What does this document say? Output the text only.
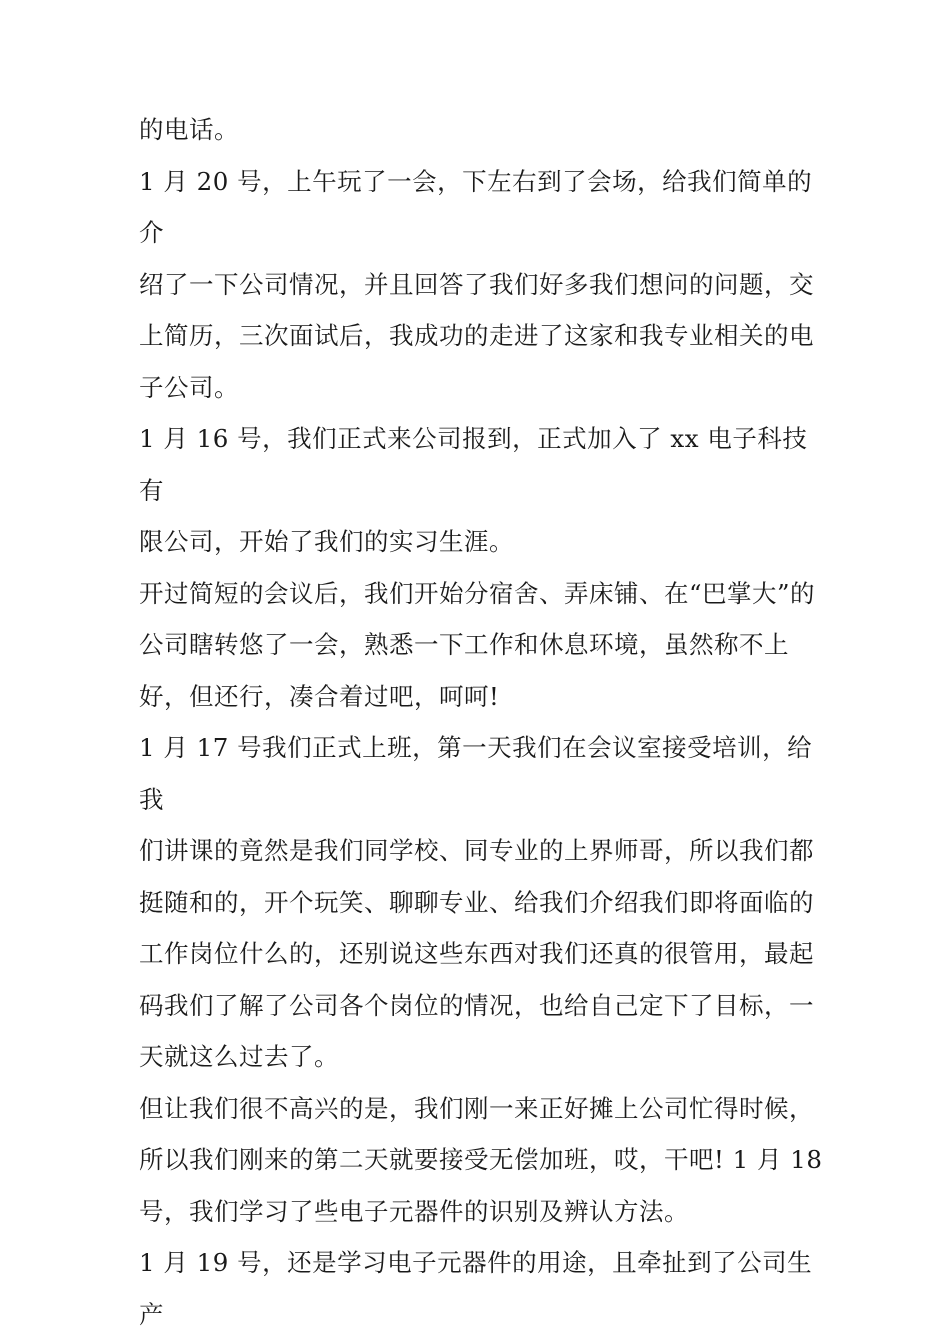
的电话。

1 月 20 号，上午玩了一会，下左右到了会场，给我们简单的介
绍了一下公司情况，并且回答了我们好多我们想问的问题，交
上简历，三次面试后，我成功的走进了这家和我专业相关的电
子公司。

1 月 16 号，我们正式来公司报到，正式加入了 xx 电子科技有
限公司，开始了我们的实习生涯。

开过简短的会议后，我们开始分宿舍、弄床铺、在“巴掌大”的
公司瞎转悠了一会，熟悉一下工作和休息环境，虽然称不上
好，但还行，凑合着过吧，呵呵!

1 月 17 号我们正式上班，第一天我们在会议室接受培训，给我
们讲课的竟然是我们同学校、同专业的上界师哥，所以我们都
挺随和的，开个玩笑、聊聊专业、给我们介绍我们即将面临的
工作岗位什么的，还别说这些东西对我们还真的很管用，最起
码我们了解了公司各个岗位的情况，也给自己定下了目标，一
天就这么过去了。

但让我们很不高兴的是，我们刚一来正好摊上公司忙得时候，
所以我们刚来的第二天就要接受无偿加班，哎，干吧! 1 月 18
号，我们学习了些电子元器件的识别及辨认方法。

1 月 19 号，还是学习电子元器件的用途，且牵扯到了公司生产
